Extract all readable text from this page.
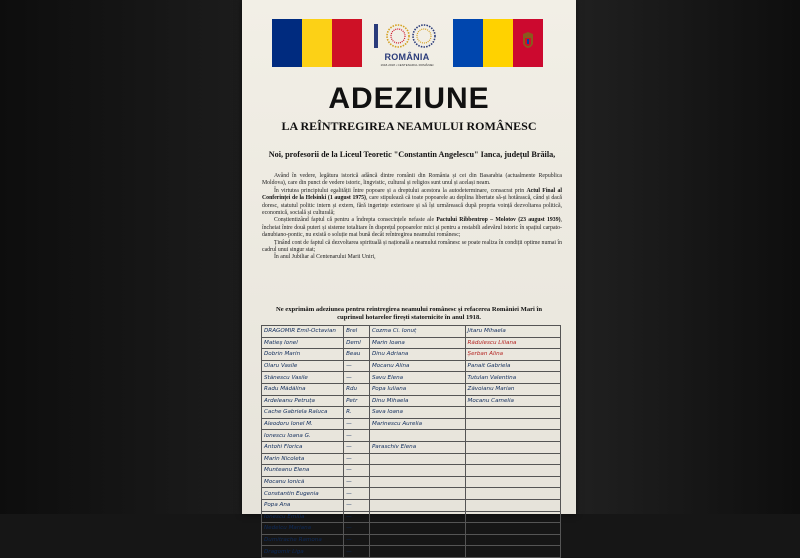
ROMÂNIA
1918-2018 • CENTENARUL ROMÂNIEI
ADEZIUNE
LA REÎNTREGIREA NEAMULUI ROMÂNESC
Noi, profesorii de la Liceul Teoretic "Constantin Angelescu" Ianca, județul Brăila,

Având în vedere, legătura istorică adâncă dintre românii din România și cei din Basarabia (actualmente Republica Moldova), care din punct de vedere istoric, lingvistic, cultural și religios sunt unul și același neam.

În virtutea principiului egalității între popoare și a dreptului acestora la autodeterminare, consacrat prin Actul Final al Conferinței de la Helsinki (1 august 1975), care stipulează că toate popoarele au deplina libertate să-și hotărască, când și dacă doresc, statutul politic intern și extern, fără ingerințe exterioare și să își urmărească după propria voință dezvoltarea politică, economică, socială și culturală;

Conștientizând faptul că pentru a îndrepta consecințele nefaste ale Pactului Ribbentrop – Molotov (23 august 1939), încheiat între două puteri și sisteme totalitare în disprețul popoarelor mici și pentru a restabili adevărul istoric în spațiul carpato-danubiano-pontic, nu există o soluție mai bună decât reîntregirea neamului românesc;

Ținând cont de faptul că dezvoltarea spirituală și națională a neamului românesc se poate realiza în condiții optime numai în cadrul unui singur stat;

În anul Jubiliar al Centenarului Marii Uniri,

Ne exprimăm adeziunea pentru reintregirea neamului românesc și refacerea României Mari în cuprinsul hotarelor firești statornicite în anul 1918.
DRAGOMIR Emil-Octavian	Brel	Cozma Ci. Ionuț	Jitaru Mihaela
Matieș Ionel	Deml	Marin Ioana	Rădulescu Liliana
Dobrin Marin	Beau	Dinu Adriana	Șerban Alina
Olaru Vasile	—	Mocanu Alina	Panait Gabriela
Stănescu Vasile	—	Savu Elena	Tutulan Valentina
Radu Mădălina	Rdu	Popa Iuliana	Zăvoianu Marian
Ardeleanu Petruța	Petr	Dinu Mihaela	Mocanu Camelia
Cache Gabriela Raluca	R.	Sava Ioana	
Aleodoru Ionel M.	—	Marinescu Aurelia	
Ionescu Ioana G.	—		
Antohi Florica	—	Paraschiv Elena	
Marin Nicoleta	—		
Munteanu Elena	—		
Mocanu Ionică	—		
Constantin Eugenia	—		
Popa Ana	—		
Ionescu Emilia	—		
Nedelcu Mariana	—		
Dumitrache Ramona	—		
Dragomir Liga	—		
